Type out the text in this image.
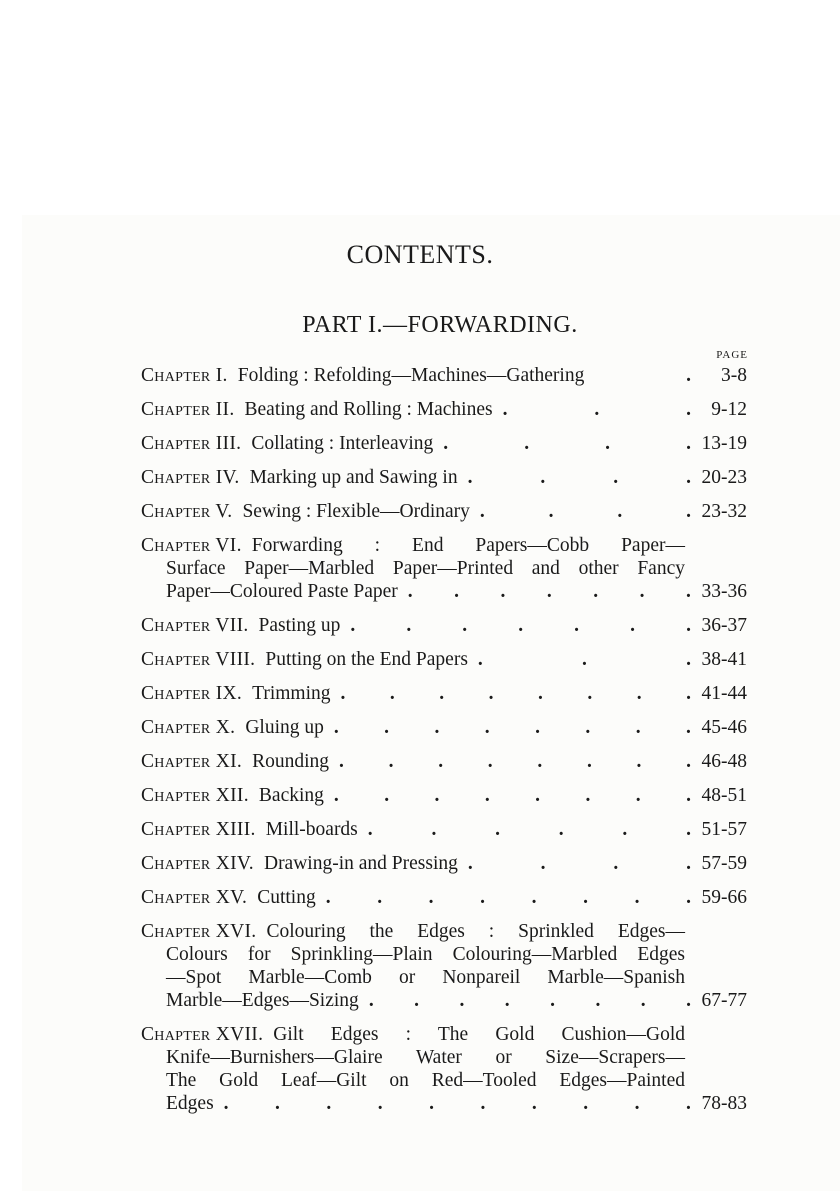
CONTENTS.
PART I.—FORWARDING.
PAGE
Chapter I. Folding : Refolding—Machines—Gathering	.	3-8
Chapter II. Beating and Rolling : Machines .	.	.	9-12
Chapter III. Collating : Interleaving .	.	.	. 13-19
Chapter IV. Marking up and Sawing in .	.	.	. 20-23
Chapter V. Sewing : Flexible—Ordinary .	.	.	. 23-32
Chapter VI. Forwarding : End Papers—Cobb Paper—
Surface Paper—Marbled Paper—Printed and other Fancy
Paper—Coloured Paste Paper . . . . . . . 33-36
Chapter VII. Pasting up .	.	.	.	.	.	. 36-37
Chapter VIII. Putting on the End Papers .	.	. 38-41
Chapter IX. Trimming . . . . . . . . 41-44
Chapter X. Gluing up . . . . . . . . 45-46
Chapter XI. Rounding . . . . . . . . 46-48
Chapter XII. Backing . . . . . . . . 48-51
Chapter XIII. Mill-boards .	.	.	.	.	. 51-57
Chapter XIV. Drawing-in and Pressing .	.	.	. 57-59
Chapter XV. Cutting . . . . . . . . 59-66
Chapter XVI. Colouring the Edges : Sprinkled Edges—
Colours for Sprinkling—Plain Colouring—Marbled Edges
—Spot Marble—Comb or Nonpareil Marble—Spanish
Marble—Edges—Sizing . . . . . . . . 67-77
Chapter XVII. Gilt Edges : The Gold Cushion—Gold
Knife—Burnishers—Glaire Water or Size—Scrapers—
The Gold Leaf—Gilt on Red—Tooled Edges—Painted
Edges . . . . . . . . . . 78-83
